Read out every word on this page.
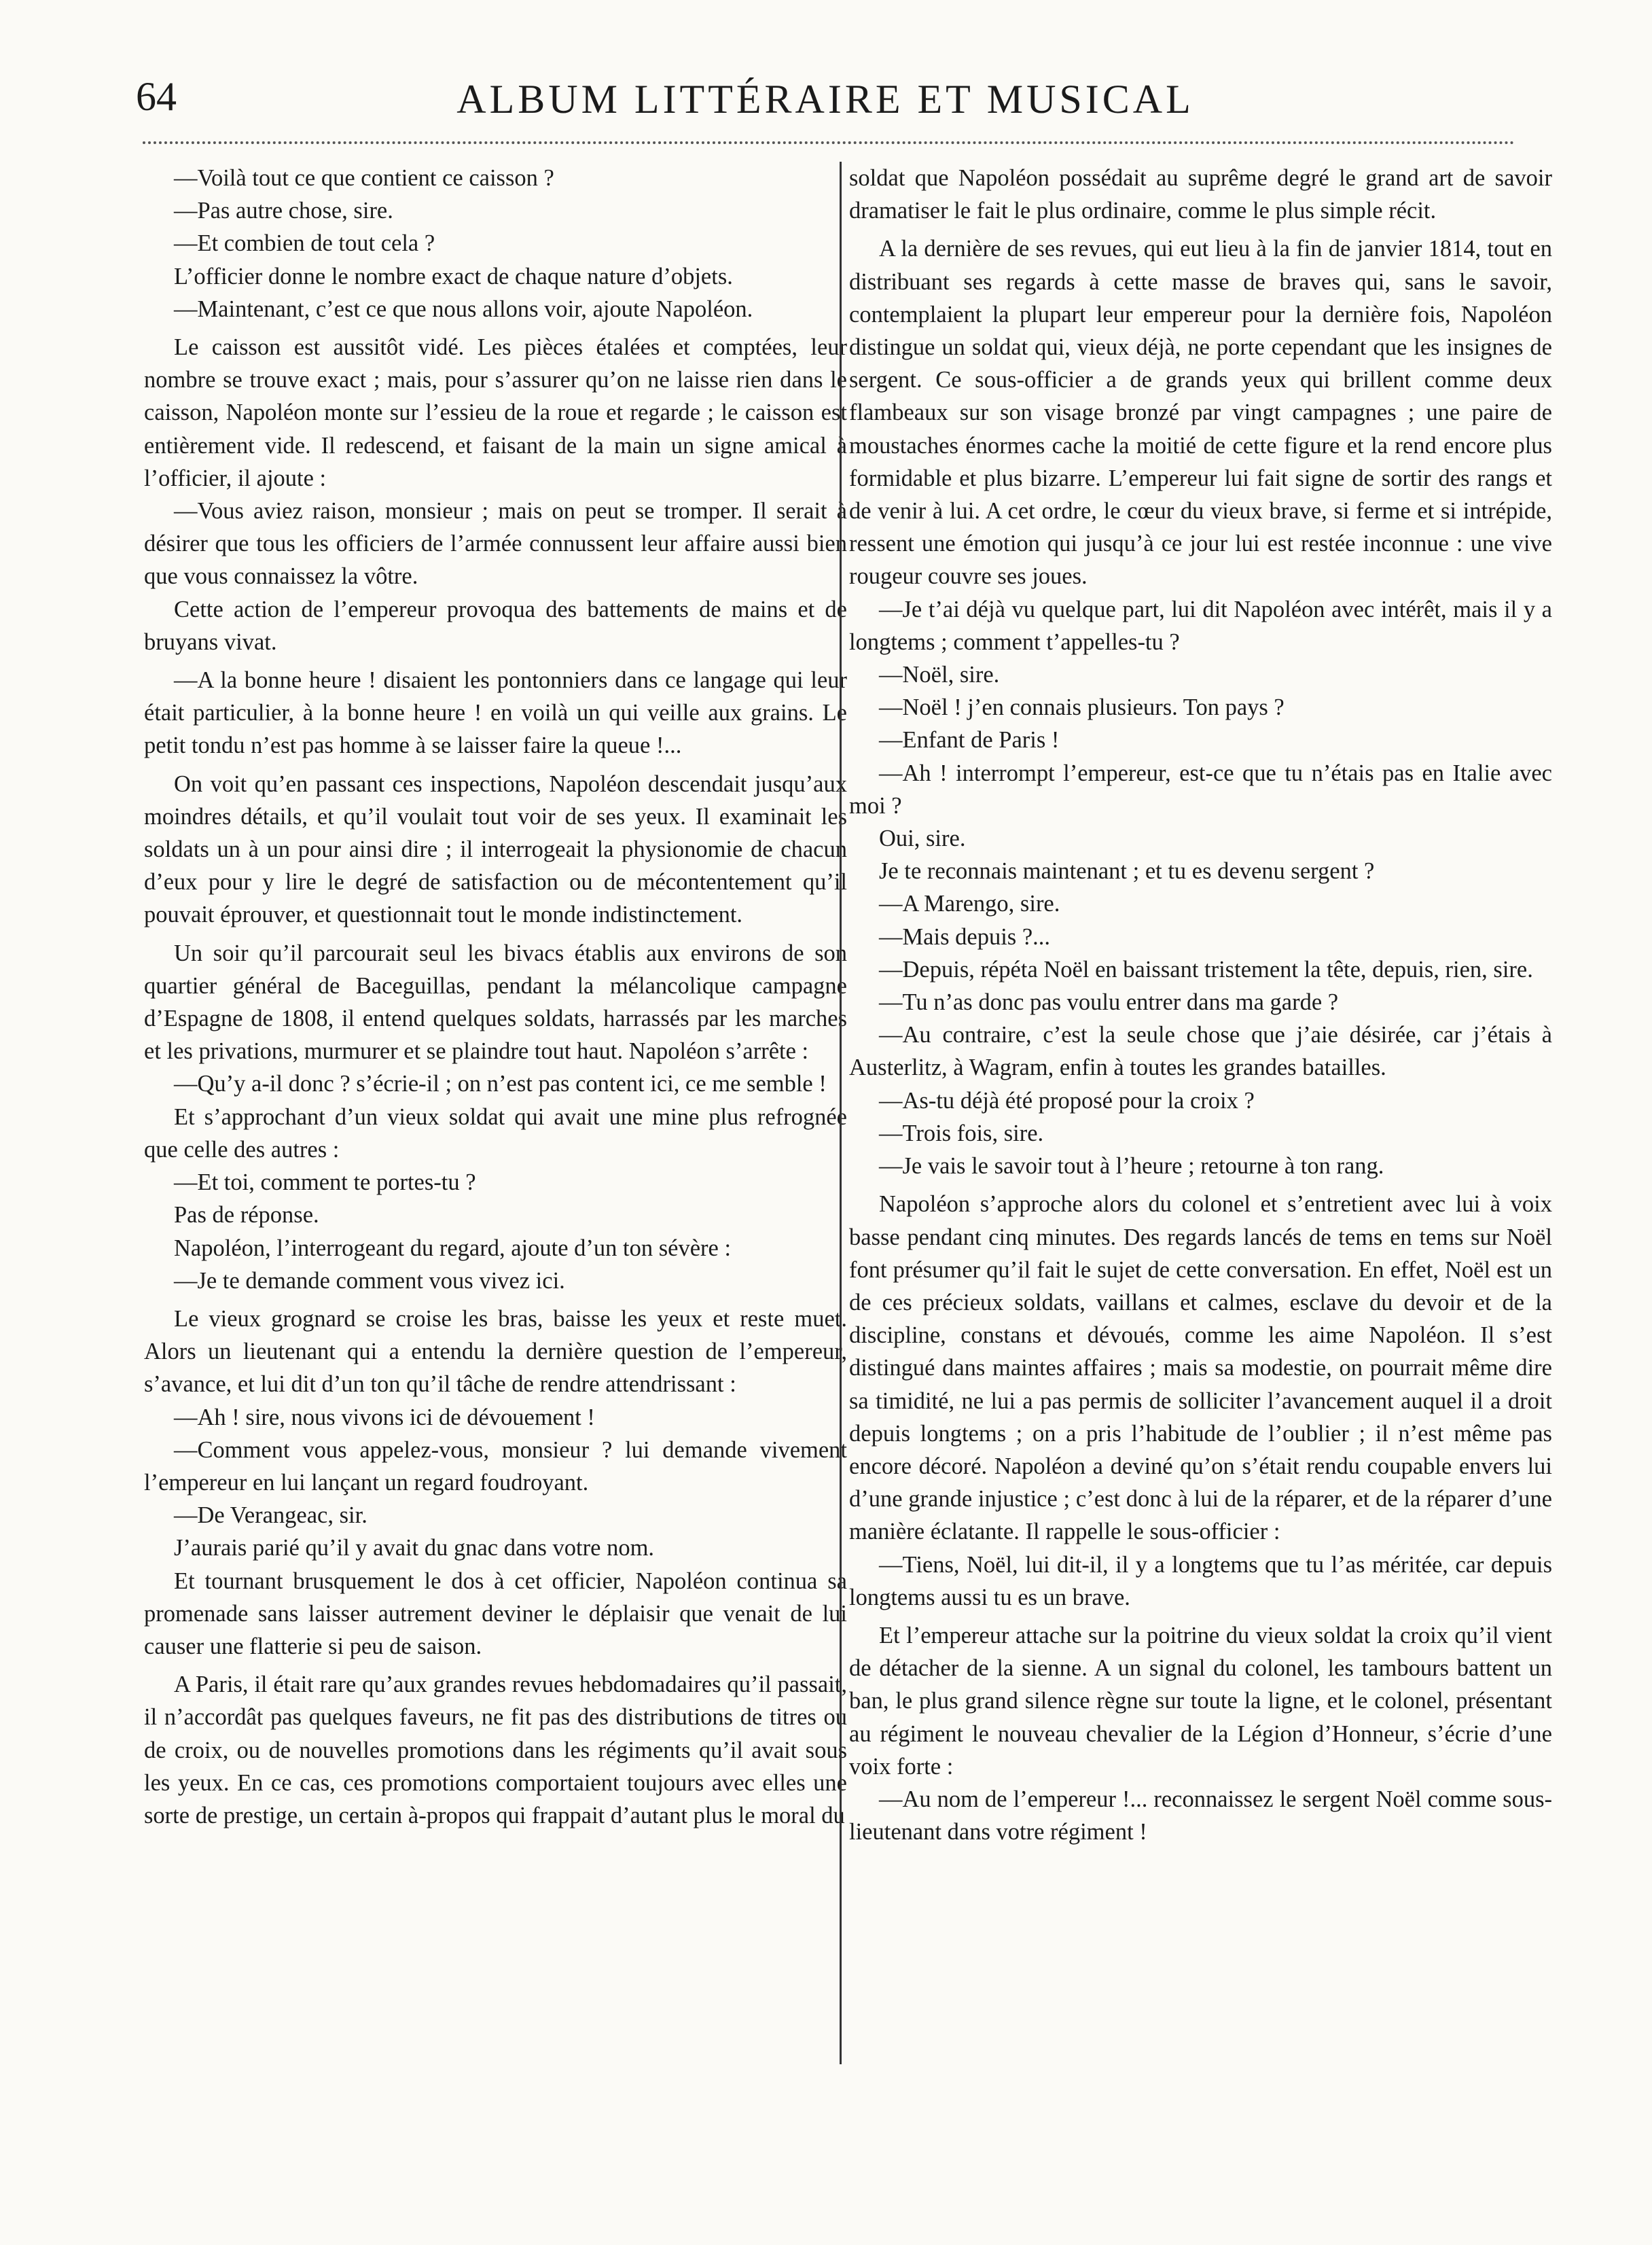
64	ALBUM LITTÉRAIRE ET MUSICAL

—Voilà tout ce que contient ce caisson ?

—Pas autre chose, sire.

—Et combien de tout cela ?

L’officier donne le nombre exact de chaque nature d’objets.

—Maintenant, c’est ce que nous allons voir, ajoute Napoléon.

Le caisson est aussitôt vidé. Les pièces étalées et comptées, leur nombre se trouve exact ; mais, pour s’assurer qu’on ne laisse rien dans le caisson, Napoléon monte sur l’essieu de la roue et regarde ; le caisson est entièrement vide. Il redescend, et faisant de la main un signe amical à l’officier, il ajoute :

—Vous aviez raison, monsieur ; mais on peut se tromper. Il serait à désirer que tous les officiers de l’armée connussent leur affaire aussi bien que vous connaissez la vôtre.

Cette action de l’empereur provoqua des battements de mains et de bruyans vivat.

—A la bonne heure ! disaient les pontonniers dans ce langage qui leur était particulier, à la bonne heure ! en voilà un qui veille aux grains. Le petit tondu n’est pas homme à se laisser faire la queue !...

On voit qu’en passant ces inspections, Napoléon descendait jusqu’aux moindres détails, et qu’il voulait tout voir de ses yeux. Il examinait les soldats un à un pour ainsi dire ; il interrogeait la physionomie de chacun d’eux pour y lire le degré de satisfaction ou de mécontentement qu’il pouvait éprouver, et questionnait tout le monde indistinctement.

Un soir qu’il parcourait seul les bivacs établis aux environs de son quartier général de Baceguillas, pendant la mélancolique campagne d’Espagne de 1808, il entend quelques soldats, harrassés par les marches et les privations, murmurer et se plaindre tout haut. Napoléon s’arrête :

—Qu’y a-il donc ? s’écrie-il ; on n’est pas content ici, ce me semble !

Et s’approchant d’un vieux soldat qui avait une mine plus refrognée que celle des autres :

—Et toi, comment te portes-tu ?

Pas de réponse.

Napoléon, l’interrogeant du regard, ajoute d’un ton sévère :

—Je te demande comment vous vivez ici.

Le vieux grognard se croise les bras, baisse les yeux et reste muet. Alors un lieutenant qui a entendu la dernière question de l’empereur, s’avance, et lui dit d’un ton qu’il tâche de rendre attendrissant :

—Ah ! sire, nous vivons ici de dévouement !

—Comment vous appelez-vous, monsieur ? lui demande vivement l’empereur en lui lançant un regard foudroyant.

—De Verangeac, sir.

J’aurais parié qu’il y avait du gnac dans votre nom.

Et tournant brusquement le dos à cet officier, Napoléon continua sa promenade sans laisser autrement deviner le déplaisir que venait de lui causer une flatterie si peu de saison.

A Paris, il était rare qu’aux grandes revues hebdomadaires qu’il passait, il n’accordât pas quelques faveurs, ne fit pas des distributions de titres ou de croix, ou de nouvelles promotions dans les régiments qu’il avait sous les yeux. En ce cas, ces promotions comportaient toujours avec elles une sorte de prestige, un certain à-propos qui frappait d’autant plus le moral du

soldat que Napoléon possédait au suprême degré le grand art de savoir dramatiser le fait le plus ordinaire, comme le plus simple récit.

A la dernière de ses revues, qui eut lieu à la fin de janvier 1814, tout en distribuant ses regards à cette masse de braves qui, sans le savoir, contemplaient la plupart leur empereur pour la dernière fois, Napoléon distingue un soldat qui, vieux déjà, ne porte cependant que les insignes de sergent. Ce sous-officier a de grands yeux qui brillent comme deux flambeaux sur son visage bronzé par vingt campagnes ; une paire de moustaches énormes cache la moitié de cette figure et la rend encore plus formidable et plus bizarre. L’empereur lui fait signe de sortir des rangs et de venir à lui. A cet ordre, le cœur du vieux brave, si ferme et si intrépide, ressent une émotion qui jusqu’à ce jour lui est restée inconnue : une vive rougeur couvre ses joues.

—Je t’ai déjà vu quelque part, lui dit Napoléon avec intérêt, mais il y a longtems ; comment t’appelles-tu ?

—Noël, sire.

—Noël ! j’en connais plusieurs. Ton pays ?

—Enfant de Paris !

—Ah ! interrompt l’empereur, est-ce que tu n’étais pas en Italie avec moi ?

Oui, sire.

Je te reconnais maintenant ; et tu es devenu sergent ?

—A Marengo, sire.

—Mais depuis ?...

—Depuis, répéta Noël en baissant tristement la tête, depuis, rien, sire.

—Tu n’as donc pas voulu entrer dans ma garde ?

—Au contraire, c’est la seule chose que j’aie désirée, car j’étais à Austerlitz, à Wagram, enfin à toutes les grandes batailles.

—As-tu déjà été proposé pour la croix ?

—Trois fois, sire.

—Je vais le savoir tout à l’heure ; retourne à ton rang.

Napoléon s’approche alors du colonel et s’entretient avec lui à voix basse pendant cinq minutes. Des regards lancés de tems en tems sur Noël font présumer qu’il fait le sujet de cette conversation. En effet, Noël est un de ces précieux soldats, vaillans et calmes, esclave du devoir et de la discipline, constans et dévoués, comme les aime Napoléon. Il s’est distingué dans maintes affaires ; mais sa modestie, on pourrait même dire sa timidité, ne lui a pas permis de solliciter l’avancement auquel il a droit depuis longtems ; on a pris l’habitude de l’oublier ; il n’est même pas encore décoré. Napoléon a deviné qu’on s’était rendu coupable envers lui d’une grande injustice ; c’est donc à lui de la réparer, et de la réparer d’une manière éclatante. Il rappelle le sous-officier :

—Tiens, Noël, lui dit-il, il y a longtems que tu l’as méritée, car depuis longtems aussi tu es un brave.

Et l’empereur attache sur la poitrine du vieux soldat la croix qu’il vient de détacher de la sienne. A un signal du colonel, les tambours battent un ban, le plus grand silence règne sur toute la ligne, et le colonel, présentant au régiment le nouveau chevalier de la Légion d’Honneur, s’écrie d’une voix forte :

—Au nom de l’empereur !... reconnaissez le sergent Noël comme sous-lieutenant dans votre régiment !
